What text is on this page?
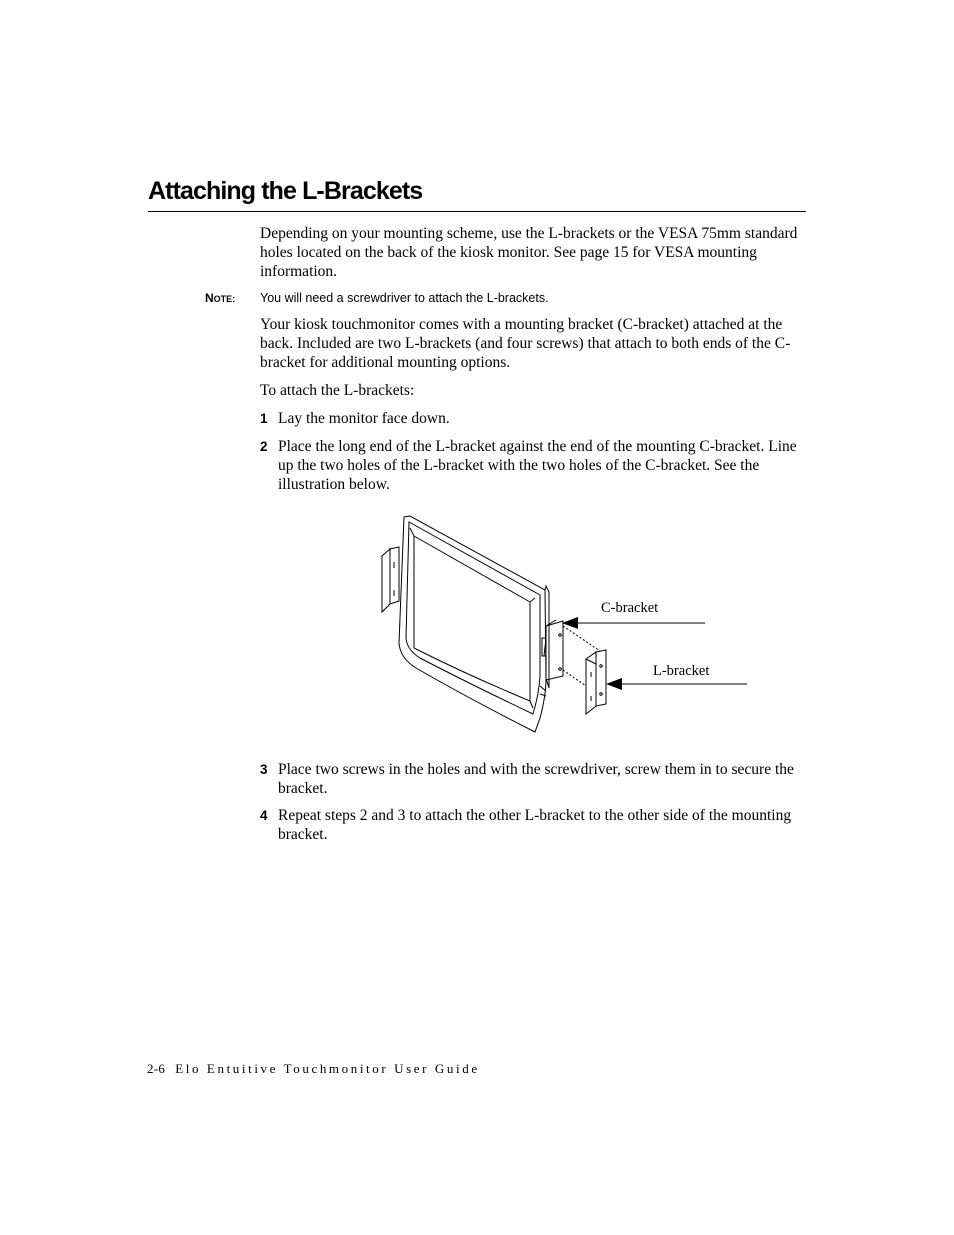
Attaching the L-Brackets

Depending on your mounting scheme, use the L-brackets or the VESA 75mm standard holes located on the back of the kiosk monitor. See page 15 for VESA mounting information.

NOTE: You will need a screwdriver to attach the L-brackets.

Your kiosk touchmonitor comes with a mounting bracket (C-bracket) attached at the back. Included are two L-brackets (and four screws) that attach to both ends of the C-bracket for additional mounting options.

To attach the L-brackets:

1 Lay the monitor face down.

2 Place the long end of the L-bracket against the end of the mounting C-bracket. Line up the two holes of the L-bracket with the two holes of the C-bracket. See the illustration below.

C-bracket
L-bracket
3 Place two screws in the holes and with the screwdriver, screw them in to secure the bracket.

4 Repeat steps 2 and 3 to attach the other L-bracket to the other side of the mounting bracket.

2-6 Elo Entuitive Touchmonitor User Guide
